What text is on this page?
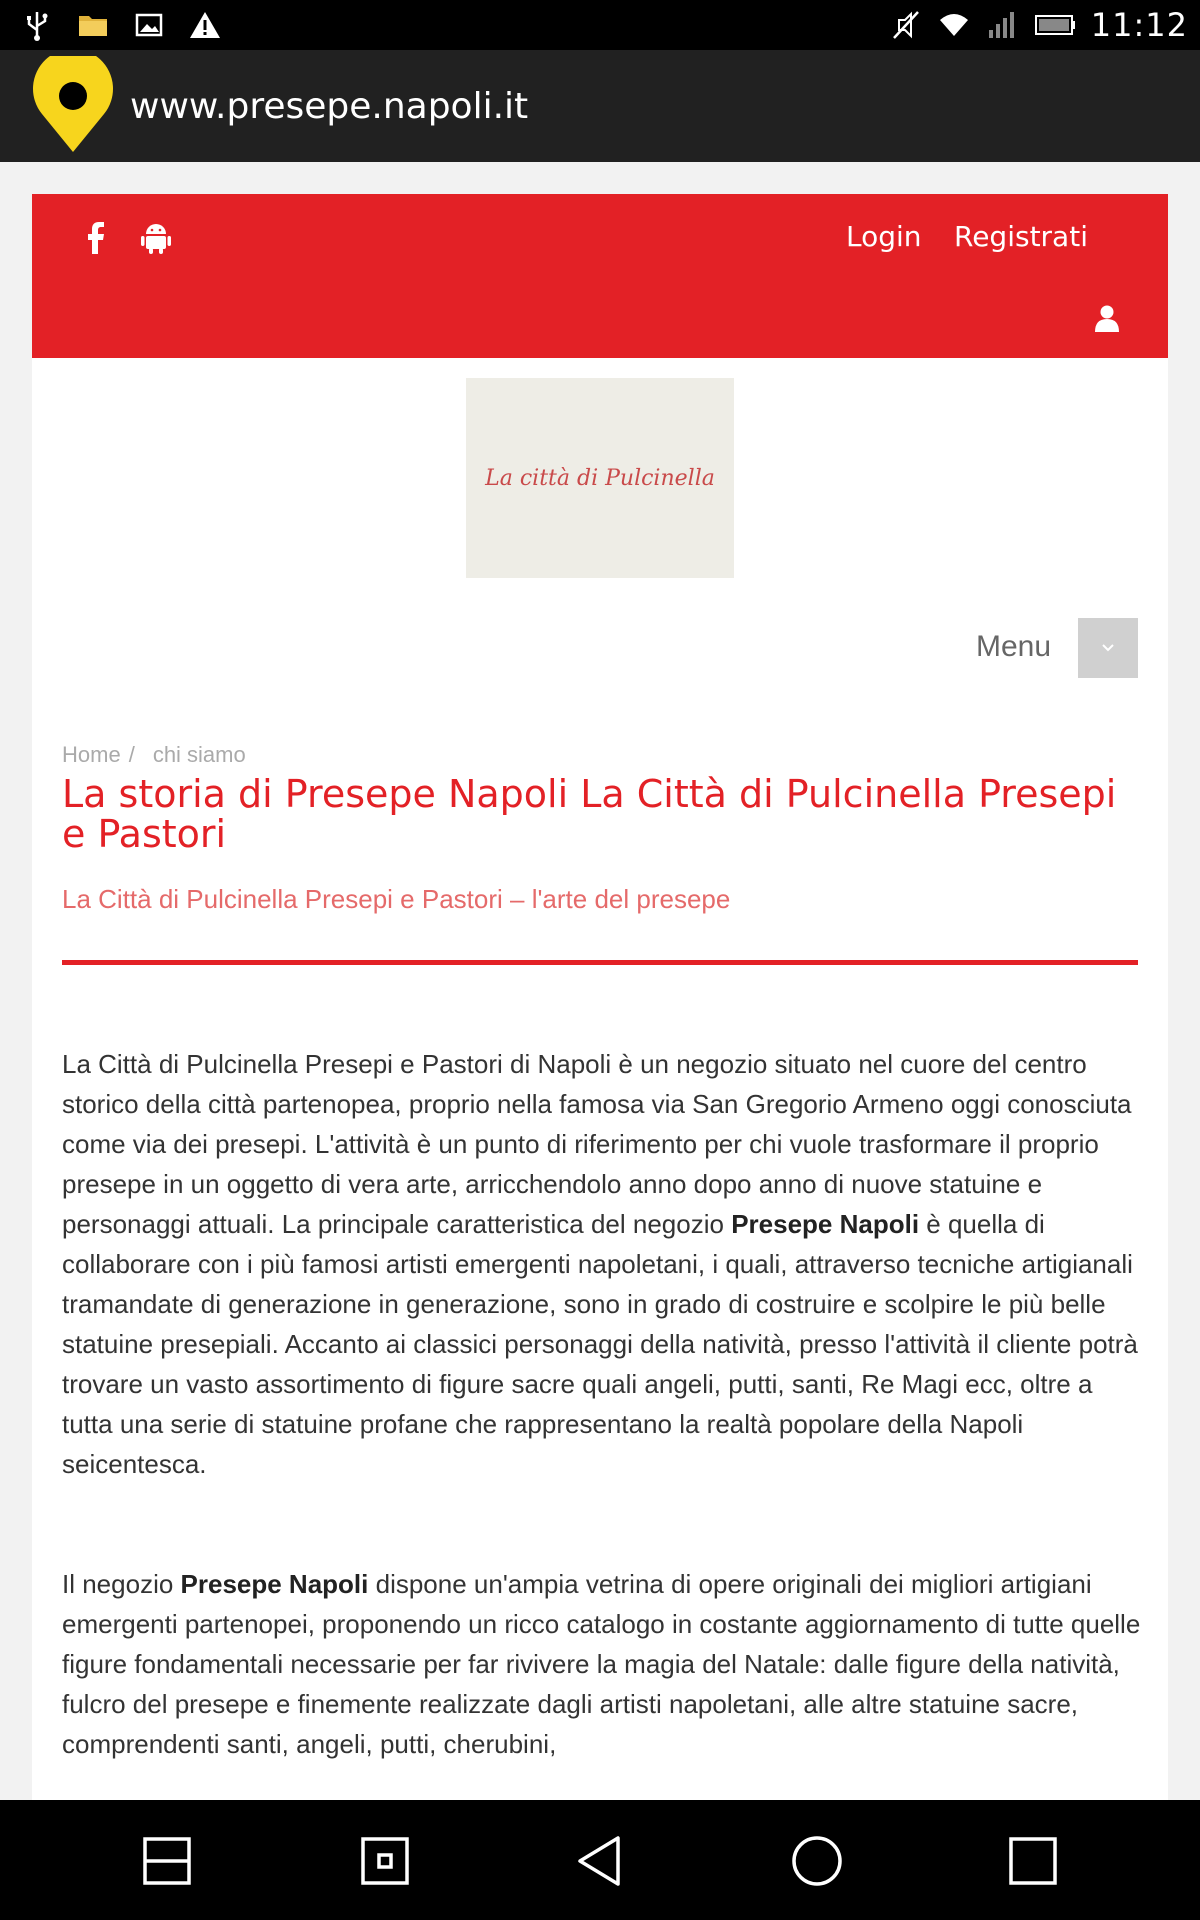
11:12
www.presepe.napoli.it
Login Registrati
La città di Pulcinella
Menu
Home / chi siamo
La storia di Presepe Napoli La Città di Pulcinella Presepi e Pastori
La Città di Pulcinella Presepi e Pastori – l'arte del presepe

La Città di Pulcinella Presepi e Pastori di Napoli è un negozio situato nel cuore del centro storico della città partenopea, proprio nella famosa via San Gregorio Armeno oggi conosciuta come via dei presepi. L'attività è un punto di riferimento per chi vuole trasformare il proprio presepe in un oggetto di vera arte, arricchendolo anno dopo anno di nuove statuine e personaggi attuali. La principale caratteristica del negozio Presepe Napoli è quella di collaborare con i più famosi artisti emergenti napoletani, i quali, attraverso tecniche artigianali tramandate di generazione in generazione, sono in grado di costruire e scolpire le più belle statuine presepiali. Accanto ai classici personaggi della natività, presso l'attività il cliente potrà trovare un vasto assortimento di figure sacre quali angeli, putti, santi, Re Magi ecc, oltre a tutta una serie di statuine profane che rappresentano la realtà popolare della Napoli seicentesca.

Il negozio Presepe Napoli dispone un'ampia vetrina di opere originali dei migliori artigiani emergenti partenopei, proponendo un ricco catalogo in costante aggiornamento di tutte quelle figure fondamentali necessarie per far rivivere la magia del Natale: dalle figure della natività, fulcro del presepe e finemente realizzate dagli artisti napoletani, alle altre statuine sacre, comprendenti santi, angeli, putti, cherubini,
